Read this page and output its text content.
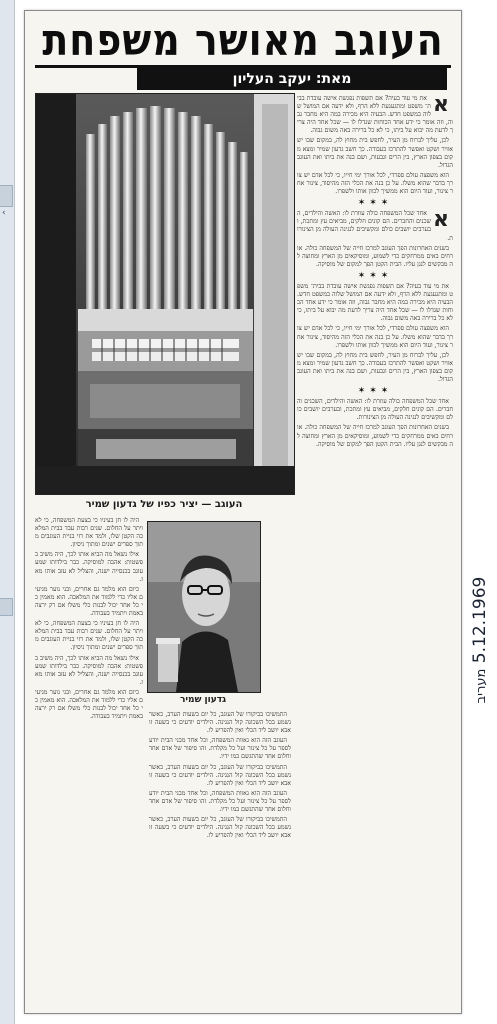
‹
העוגב מאושר משפחת
מאת: יעקב העליון
העוגב — יציר כפיו של גדעון שמיר
גדעון שמיר

א
את מי עוד בעיה? אם תשפות נפגשת אישה עובדת בבית־ משפט ומתגעגעת ללא הרף, ולא ידעה אם המושל שלוה במשפט חדש. הבעיה היא מכירה במה היא מחבר גבוה, וזה אומר כי ידע אחד הכוחות שגדלו לו — שכל אחד היה צריך לדעת מה יבוא על ביתו, כי לא כל ברירה באה משום גבוה.

לכן, עליך לברוח מן העיר, לחפש בית מחוץ לה, במקום שבו יש אוויר ושקט ואפשר להתרכז בעבודה. כך חשב גדעון שמיר ומצא מקום בצפון הארץ, בין הרים וגבעות, ושם בנה את ביתו ואת העוגב הגדול.

הוא משפצה עולם ספרדי, לכל אורך ימי חייו, כי לכל אדם יש צורך בדבר שהוא משלו. על כן בנה את הכלי הזה מהיסוד, צינור אחר צינור, ועוד היום הוא ממשיך לכוון אותו ולשפרו.

✶✶✶

א
אחד שכל המשפחה כולה עוזרת לו: האשה והילדים, השכנים והחברים. הם קונים חלקים, מביאים עץ ומתכת, ובערבים יושבים כולם ומקשיבים לנגינה העולה מן הצינורות.

בשנים האחרונות הפך העוגב למרכז חייה של המשפחה כולה. אורחים באים ממרחקים כדי לשמוע, ומוסיקאים מן הארץ ומחוצה לה מבקשים לנגן עליו. הבית הקטן הפך למקום של מוסיקה.

✶✶✶

את מי עוד בעיה? אם תשפות נפגשת אישה עובדת בבית־ משפט ומתגעגעת ללא הרף, ולא ידעה אם המושל שלוה במשפט חדש. הבעיה היא מכירה במה היא מחבר גבוה, וזה אומר כי ידע אחד הכוחות שגדלו לו — שכל אחד היה צריך לדעת מה יבוא על ביתו, כי לא כל ברירה באה משום גבוה.

הוא משפצה עולם ספרדי, לכל אורך ימי חייו, כי לכל אדם יש צורך בדבר שהוא משלו. על כן בנה את הכלי הזה מהיסוד, צינור אחר צינור, ועוד היום הוא ממשיך לכוון אותו ולשפרו.

לכן, עליך לברוח מן העיר, לחפש בית מחוץ לה, במקום שבו יש אוויר ושקט ואפשר להתרכז בעבודה. כך חשב גדעון שמיר ומצא מקום בצפון הארץ, בין הרים וגבעות, ושם בנה את ביתו ואת העוגב הגדול.

✶✶✶

אחד שכל המשפחה כולה עוזרת לו: האשה והילדים, השכנים והחברים. הם קונים חלקים, מביאים עץ ומתכת, ובערבים יושבים כולם ומקשיבים לנגינה העולה מן הצינורות.

בשנים האחרונות הפך העוגב למרכז חייה של המשפחה כולה. אורחים באים ממרחקים כדי לשמוע, ומוסיקאים מן הארץ ומחוצה לה מבקשים לנגן עליו. הבית הקטן הפך למקום של מוסיקה.

התמשיכו בביקורו של העוגב, כל יום בשעות הערב, כאשר נשמע בכל השכונה קול הנגינה. הילדים יודעים כי בשעה זו אבא יושב ליד הכלי ואין להפריע לו.

העוגב הזה הוא גאוות המשפחה, וכל אחד מבני הבית יודע לספר על כל צינור ועל כל מקלדת. זהו סיפור של אדם אחד וחלום אחד שהתגשם במו ידיו.

התמשיכו בביקורו של העוגב, כל יום בשעות הערב, כאשר נשמע בכל השכונה קול הנגינה. הילדים יודעים כי בשעה זו אבא יושב ליד הכלי ואין להפריע לו.

העוגב הזה הוא גאוות המשפחה, וכל אחד מבני הבית יודע לספר על כל צינור ועל כל מקלדת. זהו סיפור של אדם אחד וחלום אחד שהתגשם במו ידיו.

התמשיכו בביקורו של העוגב, כל יום בשעות הערב, כאשר נשמע בכל השכונה קול הנגינה. הילדים יודעים כי בשעה זו אבא יושב ליד הכלי ואין להפריע לו.

היה לו חן בעיניו כי בצעת המשפחה, כי לא ויתר על החלום. שנים רבות עבד בבית המלאכה הקטן שלו, ולמד את רזי בניית העוגבים מתוך ספרים ישנים ומתוך ניסיון.

אילו נשאל מה הביא אותו לכך, היה משיב בפשטות: אהבה למוסיקה. כבר בילדותו שמע עוגב בכנסייה ישנה, והצליל לא עזב אותו מאז.

כיום הוא מלמד גם אחרים, ובני נוער מגיעים אליו כדי ללמוד את המלאכה. הוא מאמין כי כל אחד יכול לבנות כלי משלו אם רק ירצה באמת ויתמיד בעבודה.

היה לו חן בעיניו כי בצעת המשפחה, כי לא ויתר על החלום. שנים רבות עבד בבית המלאכה הקטן שלו, ולמד את רזי בניית העוגבים מתוך ספרים ישנים ומתוך ניסיון.

אילו נשאל מה הביא אותו לכך, היה משיב בפשטות: אהבה למוסיקה. כבר בילדותו שמע עוגב בכנסייה ישנה, והצליל לא עזב אותו מאז.

כיום הוא מלמד גם אחרים, ובני נוער מגיעים אליו כדי ללמוד את המלאכה. הוא מאמין כי כל אחד יכול לבנות כלי משלו אם רק ירצה באמת ויתמיד בעבודה.

מעריב 5.12.1969
